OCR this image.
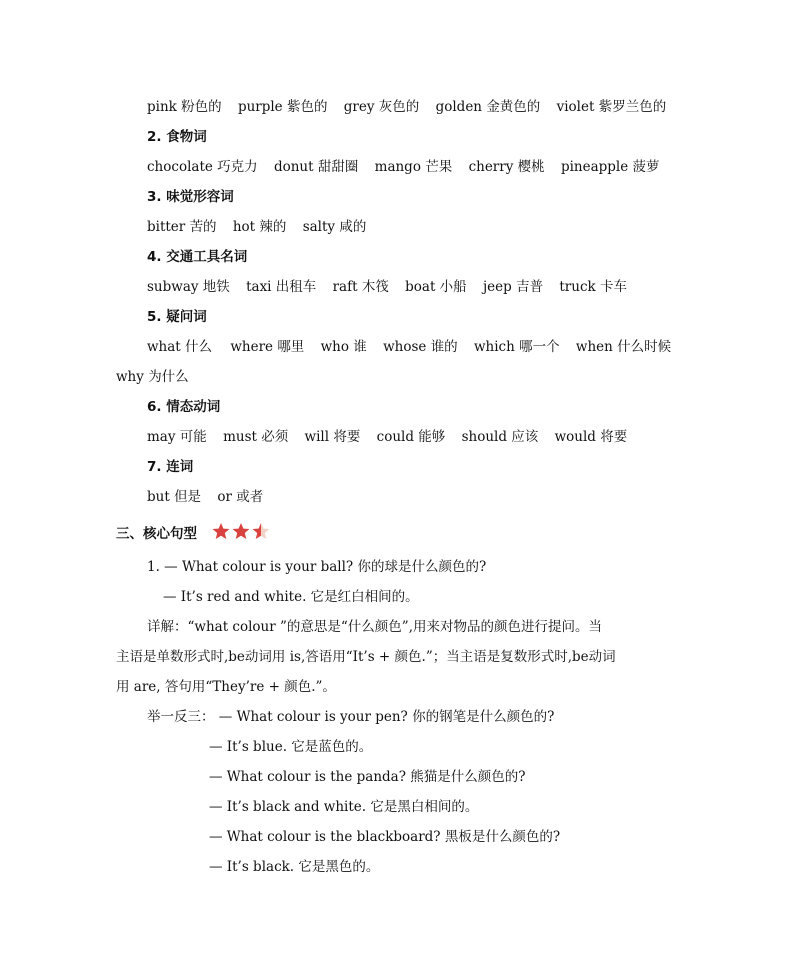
pink 粉色的 purple 紫色的 grey 灰色的 golden 金黄色的 violet 紫罗兰色的
2. 食物词
chocolate 巧克力 donut 甜甜圈 mango 芒果 cherry 樱桃 pineapple 菠萝
3. 味觉形容词
bitter 苦的 hot 辣的 salty 咸的
4. 交通工具名词
subway 地铁 taxi 出租车 raft 木筏 boat 小船 jeep 吉普 truck 卡车
5. 疑问词
what 什么 where 哪里 who 谁 whose 谁的 which 哪一个 when 什么时候
why 为什么
6. 情态动词
may 可能 must 必须 will 将要 could 能够 should 应该 would 将要
7. 连词
but 但是 or 或者
三、核心句型
1. — What colour is your ball? 你的球是什么颜色的?
— It’s red and white. 它是红白相间的。
详解：“what colour ”的意思是“什么颜色”,用来对物品的颜色进行提问。当
主语是单数形式时,be动词用 is,答语用“It’s + 颜色.”；当主语是复数形式时,be动词
用 are, 答句用“They’re + 颜色.”。
举一反三： — What colour is your pen? 你的钢笔是什么颜色的?
— It’s blue. 它是蓝色的。
— What colour is the panda? 熊猫是什么颜色的?
— It’s black and white. 它是黑白相间的。
— What colour is the blackboard? 黑板是什么颜色的?
— It’s black. 它是黑色的。
